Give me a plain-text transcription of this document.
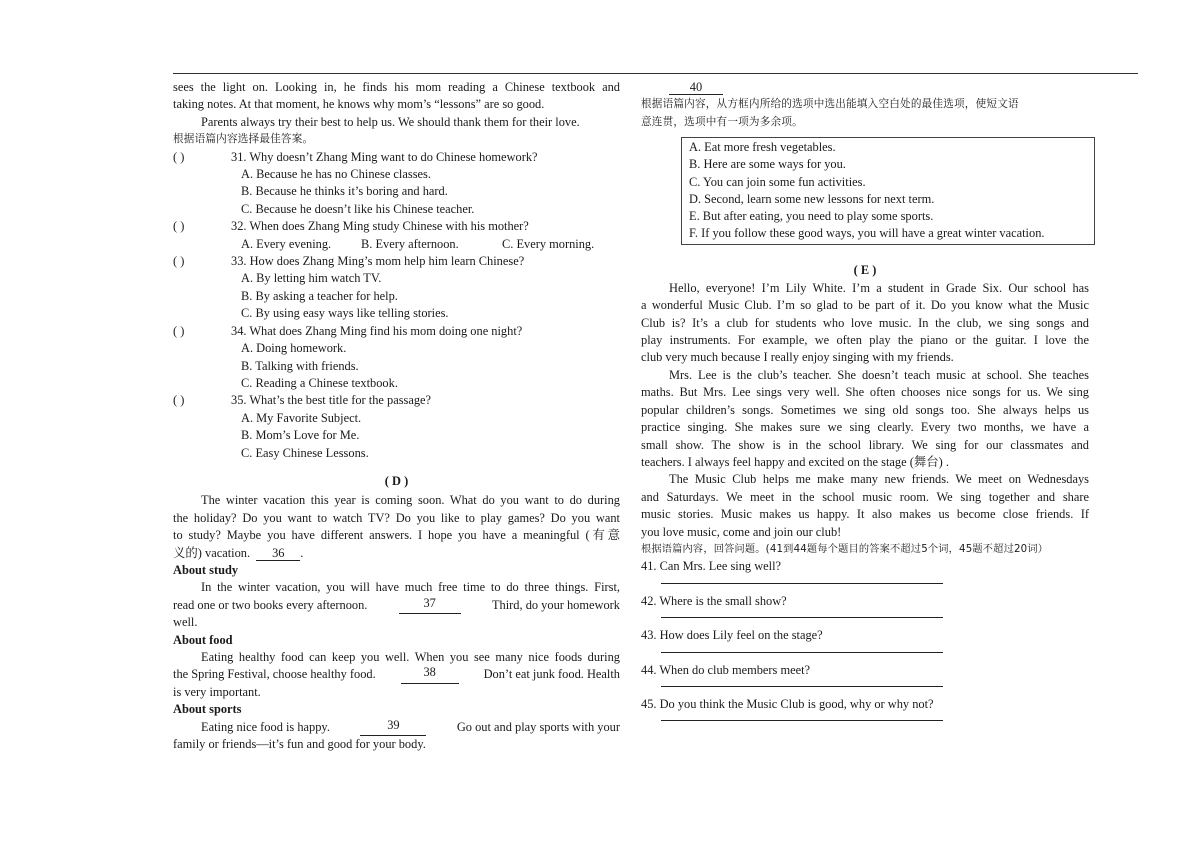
sees the light on. Looking in, he finds his mom reading a Chinese textbook and
taking notes. At that moment, he knows why mom’s “lessons” are so good.
Parents always try their best to help us. We should thank them for their love.
根据语篇内容选择最佳答案。
( )	31. Why doesn’t Zhang Ming want to do Chinese homework?
A. Because he has no Chinese classes.
B. Because he thinks it’s boring and hard.
C. Because he doesn’t like his Chinese teacher.
( )	32. When does Zhang Ming study Chinese with his mother?
A. Every evening. B. Every afternoon.	C. Every morning.
( )	33. How does Zhang Ming’s mom help him learn Chinese?
A. By letting him watch TV.
B. By asking a teacher for help.
C. By using easy ways like telling stories.
( )	34. What does Zhang Ming find his mom doing one night?
A. Doing homework.
B. Talking with friends.
C. Reading a Chinese textbook.
( )	35. What’s the best title for the passage?
A. My Favorite Subject.
B. Mom’s Love for Me.
C. Easy Chinese Lessons.
( D )
The winter vacation this year is coming soon. What do you want to do during
the holiday? Do you want to watch TV? Do you like to play games? Do you want
to study? Maybe you have different answers. I hope you have a meaningful (有意
义的) vacation. 36 .
About study
In the winter vacation, you will have much free time to do three things. First,
read one or two books every afternoon.	37	Third, do your homework
well.
About food
Eating healthy food can keep you well. When you see many nice foods during
the Spring Festival, choose healthy food.	38	Don’t eat junk food. Health
is very important.
About sports
Eating nice food is happy.	39	Go out and play sports with your
family or friends—it’s fun and good for your body.
40
根据语篇内容，从方框内所给的选项中选出能填入空白处的最佳选项，使短文语
意连贯，选项中有一项为多余项。
A. Eat more fresh vegetables.
B. Here are some ways for you.
C. You can join some fun activities.
D. Second, learn some new lessons for next term.
E. But after eating, you need to play some sports.
F. If you follow these good ways, you will have a great winter vacation.
( E )
Hello, everyone! I’m Lily White. I’m a student in Grade Six. Our school has
a wonderful Music Club. I’m so glad to be part of it. Do you know what the Music
Club is? It’s a club for students who love music. In the club, we sing songs and
play instruments. For example, we often play the piano or the guitar. I love the
club very much because I really enjoy singing with my friends.
Mrs. Lee is the club’s teacher. She doesn’t teach music at school. She teaches
maths. But Mrs. Lee sings very well. She often chooses nice songs for us. We sing
popular children’s songs. Sometimes we sing old songs too. She always helps us
practice singing. She makes sure we sing clearly. Every two months, we have a
small show. The show is in the school library. We sing for our classmates and
teachers. I always feel happy and excited on the stage (舞台) .
The Music Club helps me make many new friends. We meet on Wednesdays
and Saturdays. We meet in the school music room. We sing together and share
music stories. Music makes us happy. It also makes us become close friends. If
you love music, come and join our club!
根据语篇内容，回答问题。(41到44题每个题目的答案不超过5个词，45题不超过20词）
41. Can Mrs. Lee sing well?
42. Where is the small show?
43. How does Lily feel on the stage?
44. When do club members meet?
45. Do you think the Music Club is good, why or why not?
